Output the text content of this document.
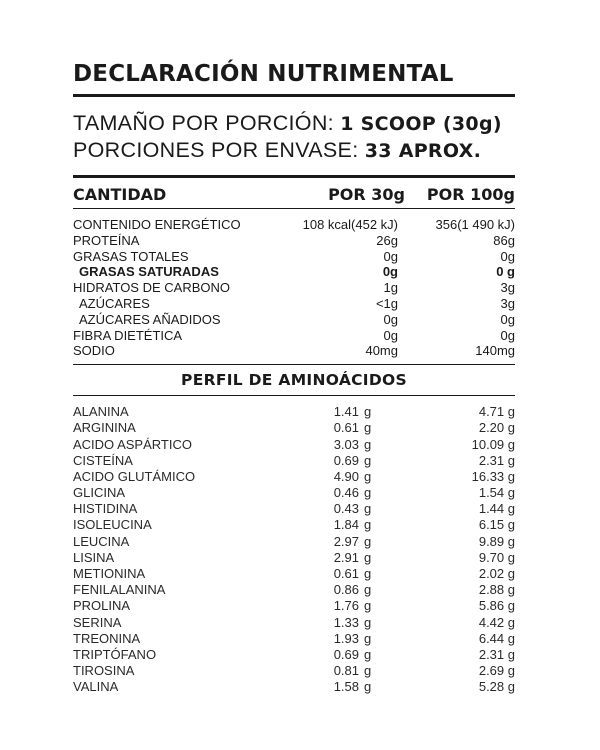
DECLARACIÓN NUTRIMENTAL
TAMAÑO POR PORCIÓN: 1 SCOOP (30g)
PORCIONES POR ENVASE: 33 APROX.
CANTIDAD	POR 30g	POR 100g
CONTENIDO ENERGÉTICO	108 kcal(452 kJ)	356(1 490 kJ)
PROTEÍNA	26g	86g
GRASAS TOTALES	0g	0g
GRASAS SATURADAS	0g	0 g
HIDRATOS DE CARBONO	1g	3g
AZÚCARES	<1g	3g
AZÚCARES AÑADIDOS	0g	0g
FIBRA DIETÉTICA	0g	0g
SODIO	40mg	140mg
PERFIL DE AMINOÁCIDOS
ALANINA	1.41 g	4.71 g
ARGININA	0.61 g	2.20 g
ACIDO ASPÁRTICO	3.03 g	10.09 g
CISTEÍNA	0.69 g	2.31 g
ACIDO GLUTÁMICO	4.90 g	16.33 g
GLICINA	0.46 g	1.54 g
HISTIDINA	0.43 g	1.44 g
ISOLEUCINA	1.84 g	6.15 g
LEUCINA	2.97 g	9.89 g
LISINA	2.91 g	9.70 g
METIONINA	0.61 g	2.02 g
FENILALANINA	0.86 g	2.88 g
PROLINA	1.76 g	5.86 g
SERINA	1.33 g	4.42 g
TREONINA	1.93 g	6.44 g
TRIPTÓFANO	0.69 g	2.31 g
TIROSINA	0.81 g	2.69 g
VALINA	1.58 g	5.28 g
